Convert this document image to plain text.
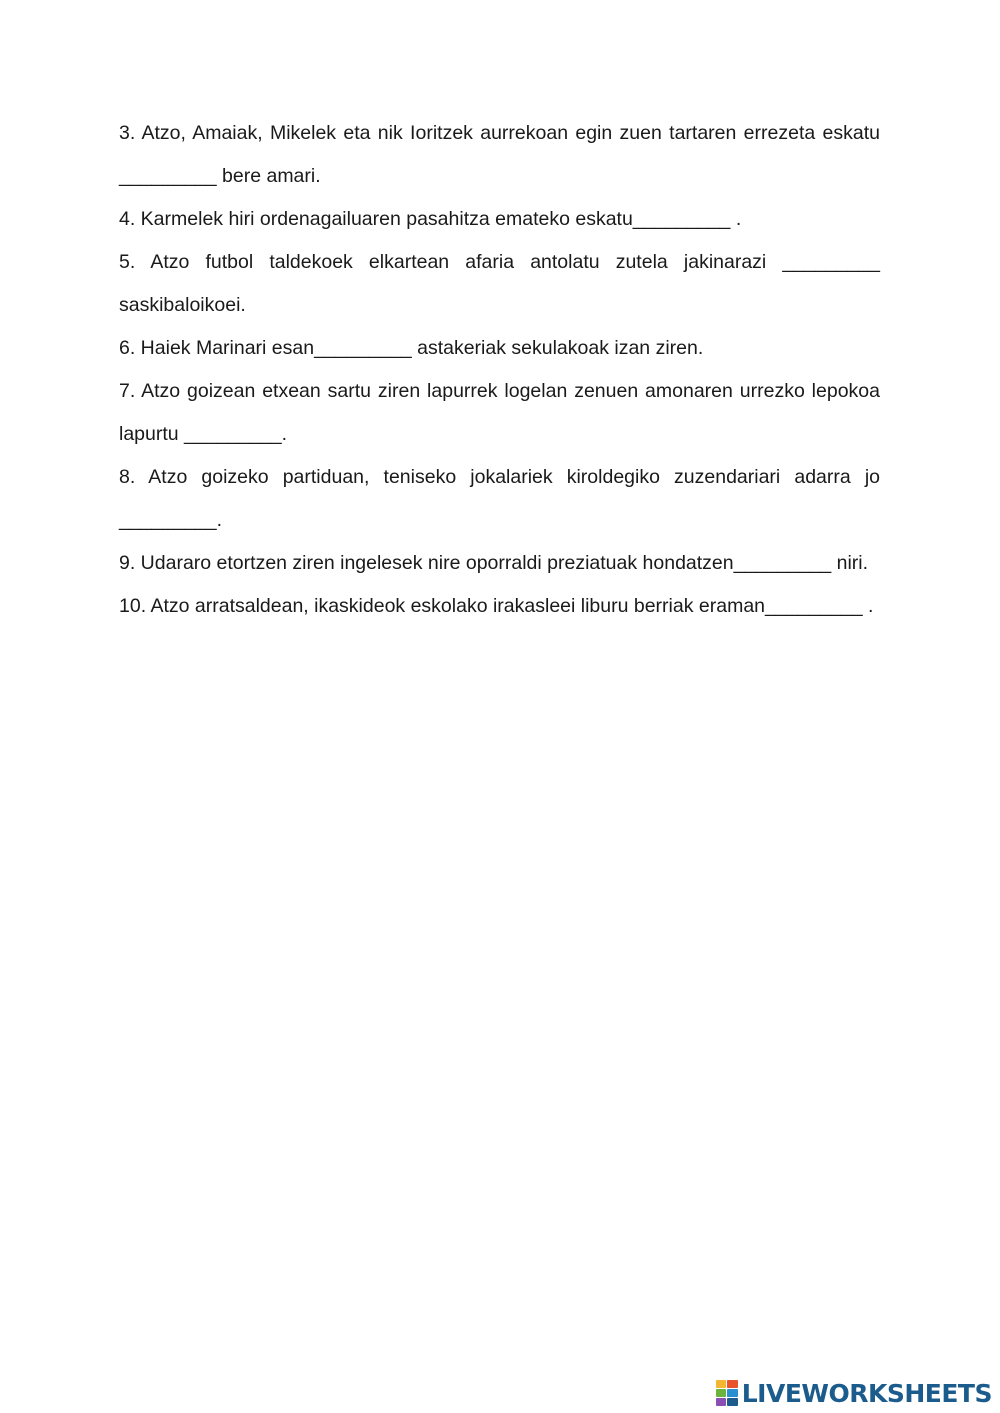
3. Atzo, Amaiak, Mikelek eta nik Ioritzek aurrekoan egin zuen tartaren errezeta eskatu _________ bere amari.

4. Karmelek hiri ordenagailuaren pasahitza emateko eskatu_________ .

5. Atzo futbol taldekoek elkartean afaria antolatu zutela jakinarazi _________ saskibaloikoei.

6. Haiek Marinari esan_________ astakeriak sekulakoak izan ziren.

7. Atzo goizean etxean sartu ziren lapurrek logelan zenuen amonaren urrezko lepokoa lapurtu _________.

8. Atzo goizeko partiduan, teniseko jokalariek kiroldegiko zuzendariari adarra jo _________.

9. Udararo etortzen ziren ingelesek nire oporraldi preziatuak hondatzen_________ niri.

10. Atzo arratsaldean, ikaskideok eskolako irakasleei liburu berriak eraman_________ .

LIVEWORKSHEETS
